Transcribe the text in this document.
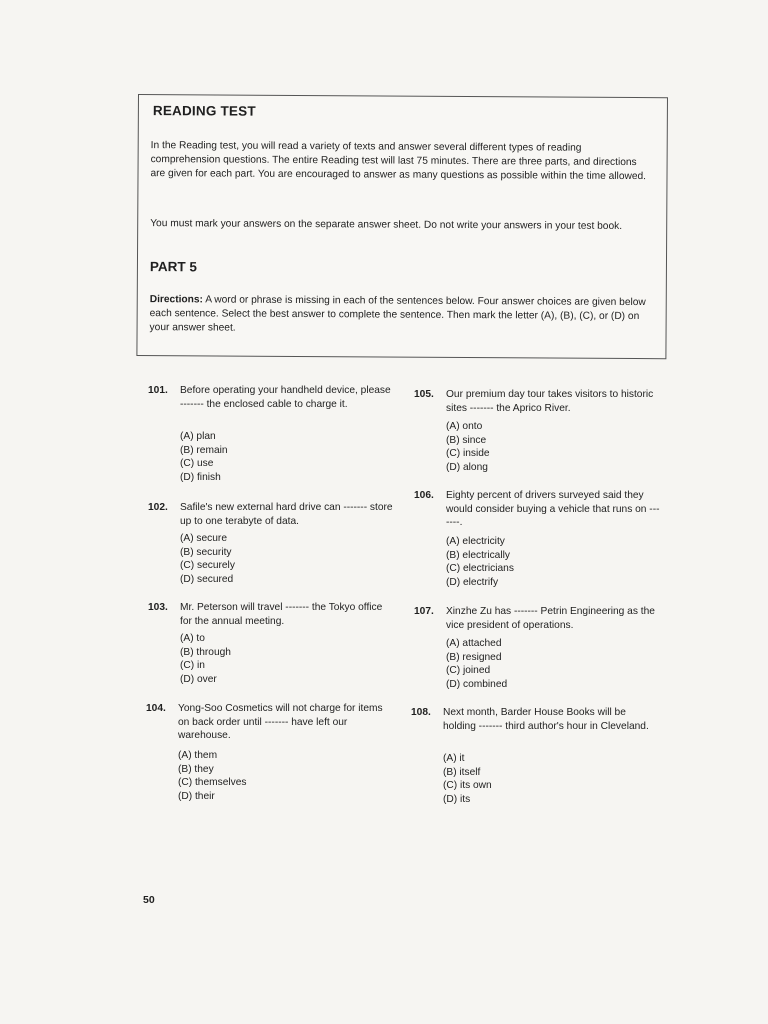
READING TEST
In the Reading test, you will read a variety of texts and answer several different types of reading comprehension questions. The entire Reading test will last 75 minutes. There are three parts, and directions are given for each part. You are encouraged to answer as many questions as possible within the time allowed.
You must mark your answers on the separate answer sheet. Do not write your answers in your test book.
PART 5
Directions: A word or phrase is missing in each of the sentences below. Four answer choices are given below each sentence. Select the best answer to complete the sentence. Then mark the letter (A), (B), (C), or (D) on your answer sheet.
101. Before operating your handheld device, please ------- the enclosed cable to charge it.
(A) plan
(B) remain
(C) use
(D) finish
102. Safile's new external hard drive can ------- store up to one terabyte of data.
(A) secure
(B) security
(C) securely
(D) secured
103. Mr. Peterson will travel ------- the Tokyo office for the annual meeting.
(A) to
(B) through
(C) in
(D) over
104. Yong-Soo Cosmetics will not charge for items on back order until ------- have left our warehouse.
(A) them
(B) they
(C) themselves
(D) their
105. Our premium day tour takes visitors to historic sites ------- the Aprico River.
(A) onto
(B) since
(C) inside
(D) along
106. Eighty percent of drivers surveyed said they would consider buying a vehicle that runs on -------.
(A) electricity
(B) electrically
(C) electricians
(D) electrify
107. Xinzhe Zu has ------- Petrin Engineering as the vice president of operations.
(A) attached
(B) resigned
(C) joined
(D) combined
108. Next month, Barder House Books will be holding ------- third author's hour in Cleveland.
(A) it
(B) itself
(C) its own
(D) its
50
